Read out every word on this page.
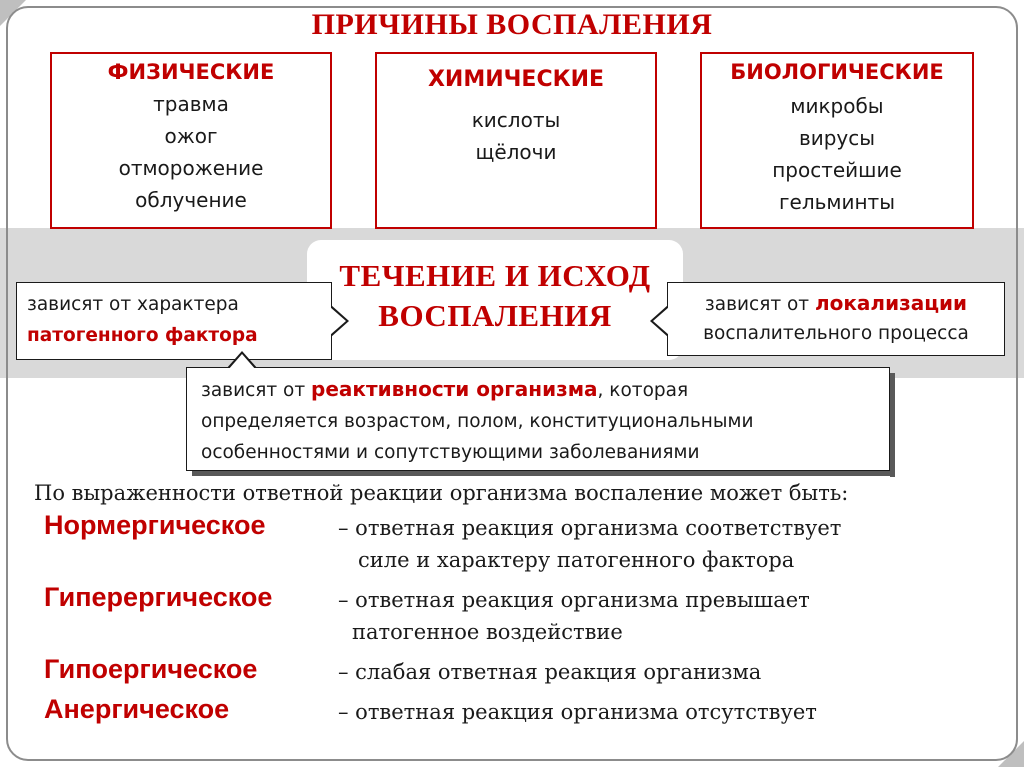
ПРИЧИНЫ ВОСПАЛЕНИЯ
ФИЗИЧЕСКИЕ
травма
ожог
отморожение
облучение
ХИМИЧЕСКИЕ
кислоты
щёлочи
БИОЛОГИЧЕСКИЕ
микробы
вирусы
простейшие
гельминты
ТЕЧЕНИЕ И ИСХОД
ВОСПАЛЕНИЯ
зависят от характера
патогенного фактора
зависят от локализации
воспалительного процесса
зависят от реактивности организма, которая
определяется возрастом, полом, конституциональными
особенностями и сопутствующими заболеваниями
По выраженности ответной реакции организма воспаление может быть:
Нормергическое	– ответная реакция организма соответствует
силе и характеру патогенного фактора
Гиперергическое	– ответная реакция организма превышает
патогенное воздействие
Гипоергическое	– слабая ответная реакция организма
Анергическое	– ответная реакция организма отсутствует
